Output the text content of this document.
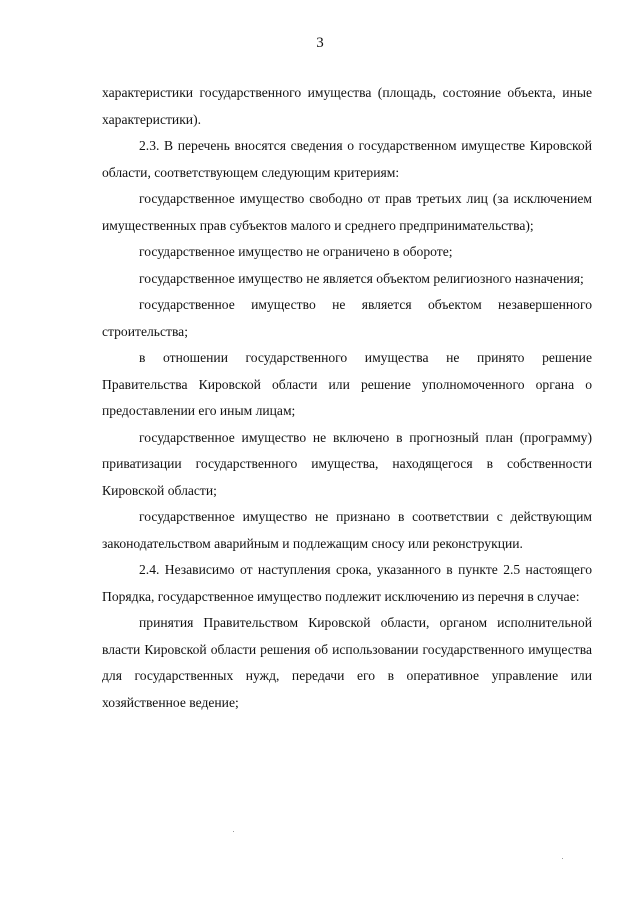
3

характеристики государственного имущества (площадь, состояние объекта, иные характеристики).

2.3. В перечень вносятся сведения о государственном имуществе Кировской области, соответствующем следующим критериям:

государственное имущество свободно от прав третьих лиц (за исключением имущественных прав субъектов малого и среднего предпринимательства);

государственное имущество не ограничено в обороте;

государственное имущество не является объектом религиозного назначения;

государственное имущество не является объектом незавершенного строительства;

в отношении государственного имущества не принято решение Правительства Кировской области или решение уполномоченного органа о предоставлении его иным лицам;

государственное имущество не включено в прогнозный план (программу) приватизации государственного имущества, находящегося в собственности Кировской области;

государственное имущество не признано в соответствии с действующим законодательством аварийным и подлежащим сносу или реконструкции.

2.4. Независимо от наступления срока, указанного в пункте 2.5 настоящего Порядка, государственное имущество подлежит исключению из перечня в случае:

принятия Правительством Кировской области, органом исполнительной власти Кировской области решения об использовании государственного имущества для государственных нужд, передачи его в оперативное управление или хозяйственное ведение;
